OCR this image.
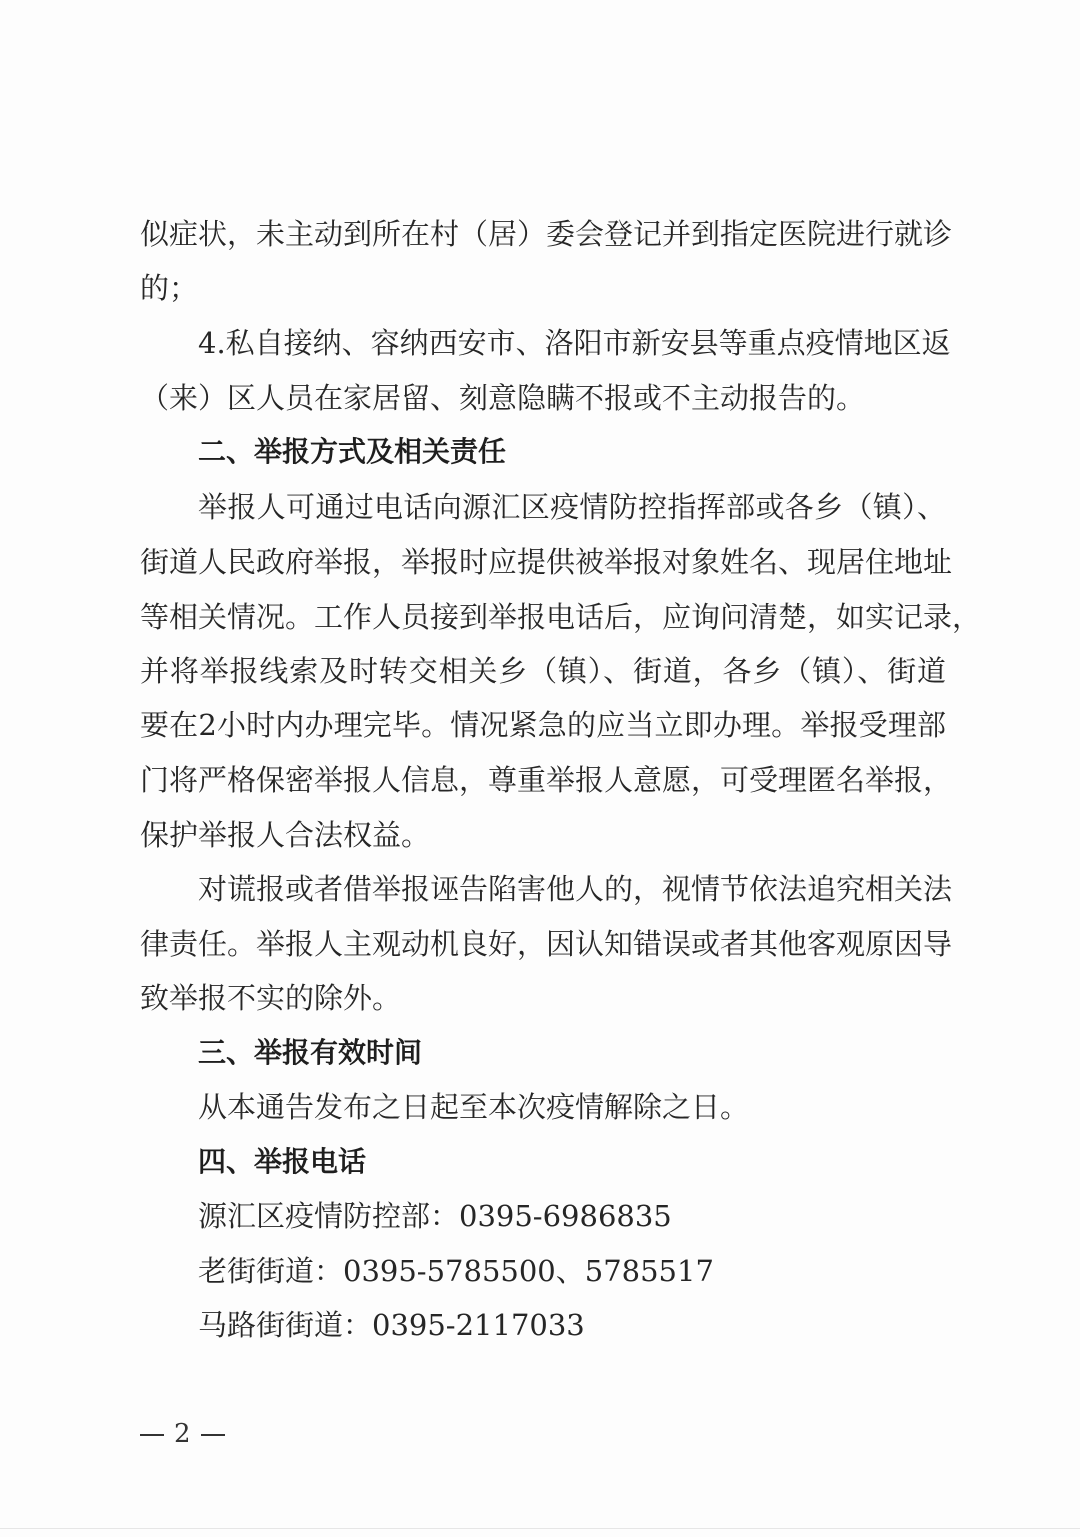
似症状，未主动到所在村（居）委会登记并到指定医院进行就诊
的；
4.私自接纳、容纳西安市、洛阳市新安县等重点疫情地区返
（来）区人员在家居留、刻意隐瞒不报或不主动报告的。
二、举报方式及相关责任
举报人可通过电话向源汇区疫情防控指挥部或各乡（镇）、
街道人民政府举报，举报时应提供被举报对象姓名、现居住地址
等相关情况。工作人员接到举报电话后，应询问清楚，如实记录，
并将举报线索及时转交相关乡（镇）、街道，各乡（镇）、街道
要在2小时内办理完毕。情况紧急的应当立即办理。举报受理部
门将严格保密举报人信息，尊重举报人意愿，可受理匿名举报，
保护举报人合法权益。
对谎报或者借举报诬告陷害他人的，视情节依法追究相关法
律责任。举报人主观动机良好，因认知错误或者其他客观原因导
致举报不实的除外。
三、举报有效时间
从本通告发布之日起至本次疫情解除之日。
四、举报电话
源汇区疫情防控部：0395-6986835
老街街道：0395-5785500、5785517
马路街街道：0395-2117033
2
